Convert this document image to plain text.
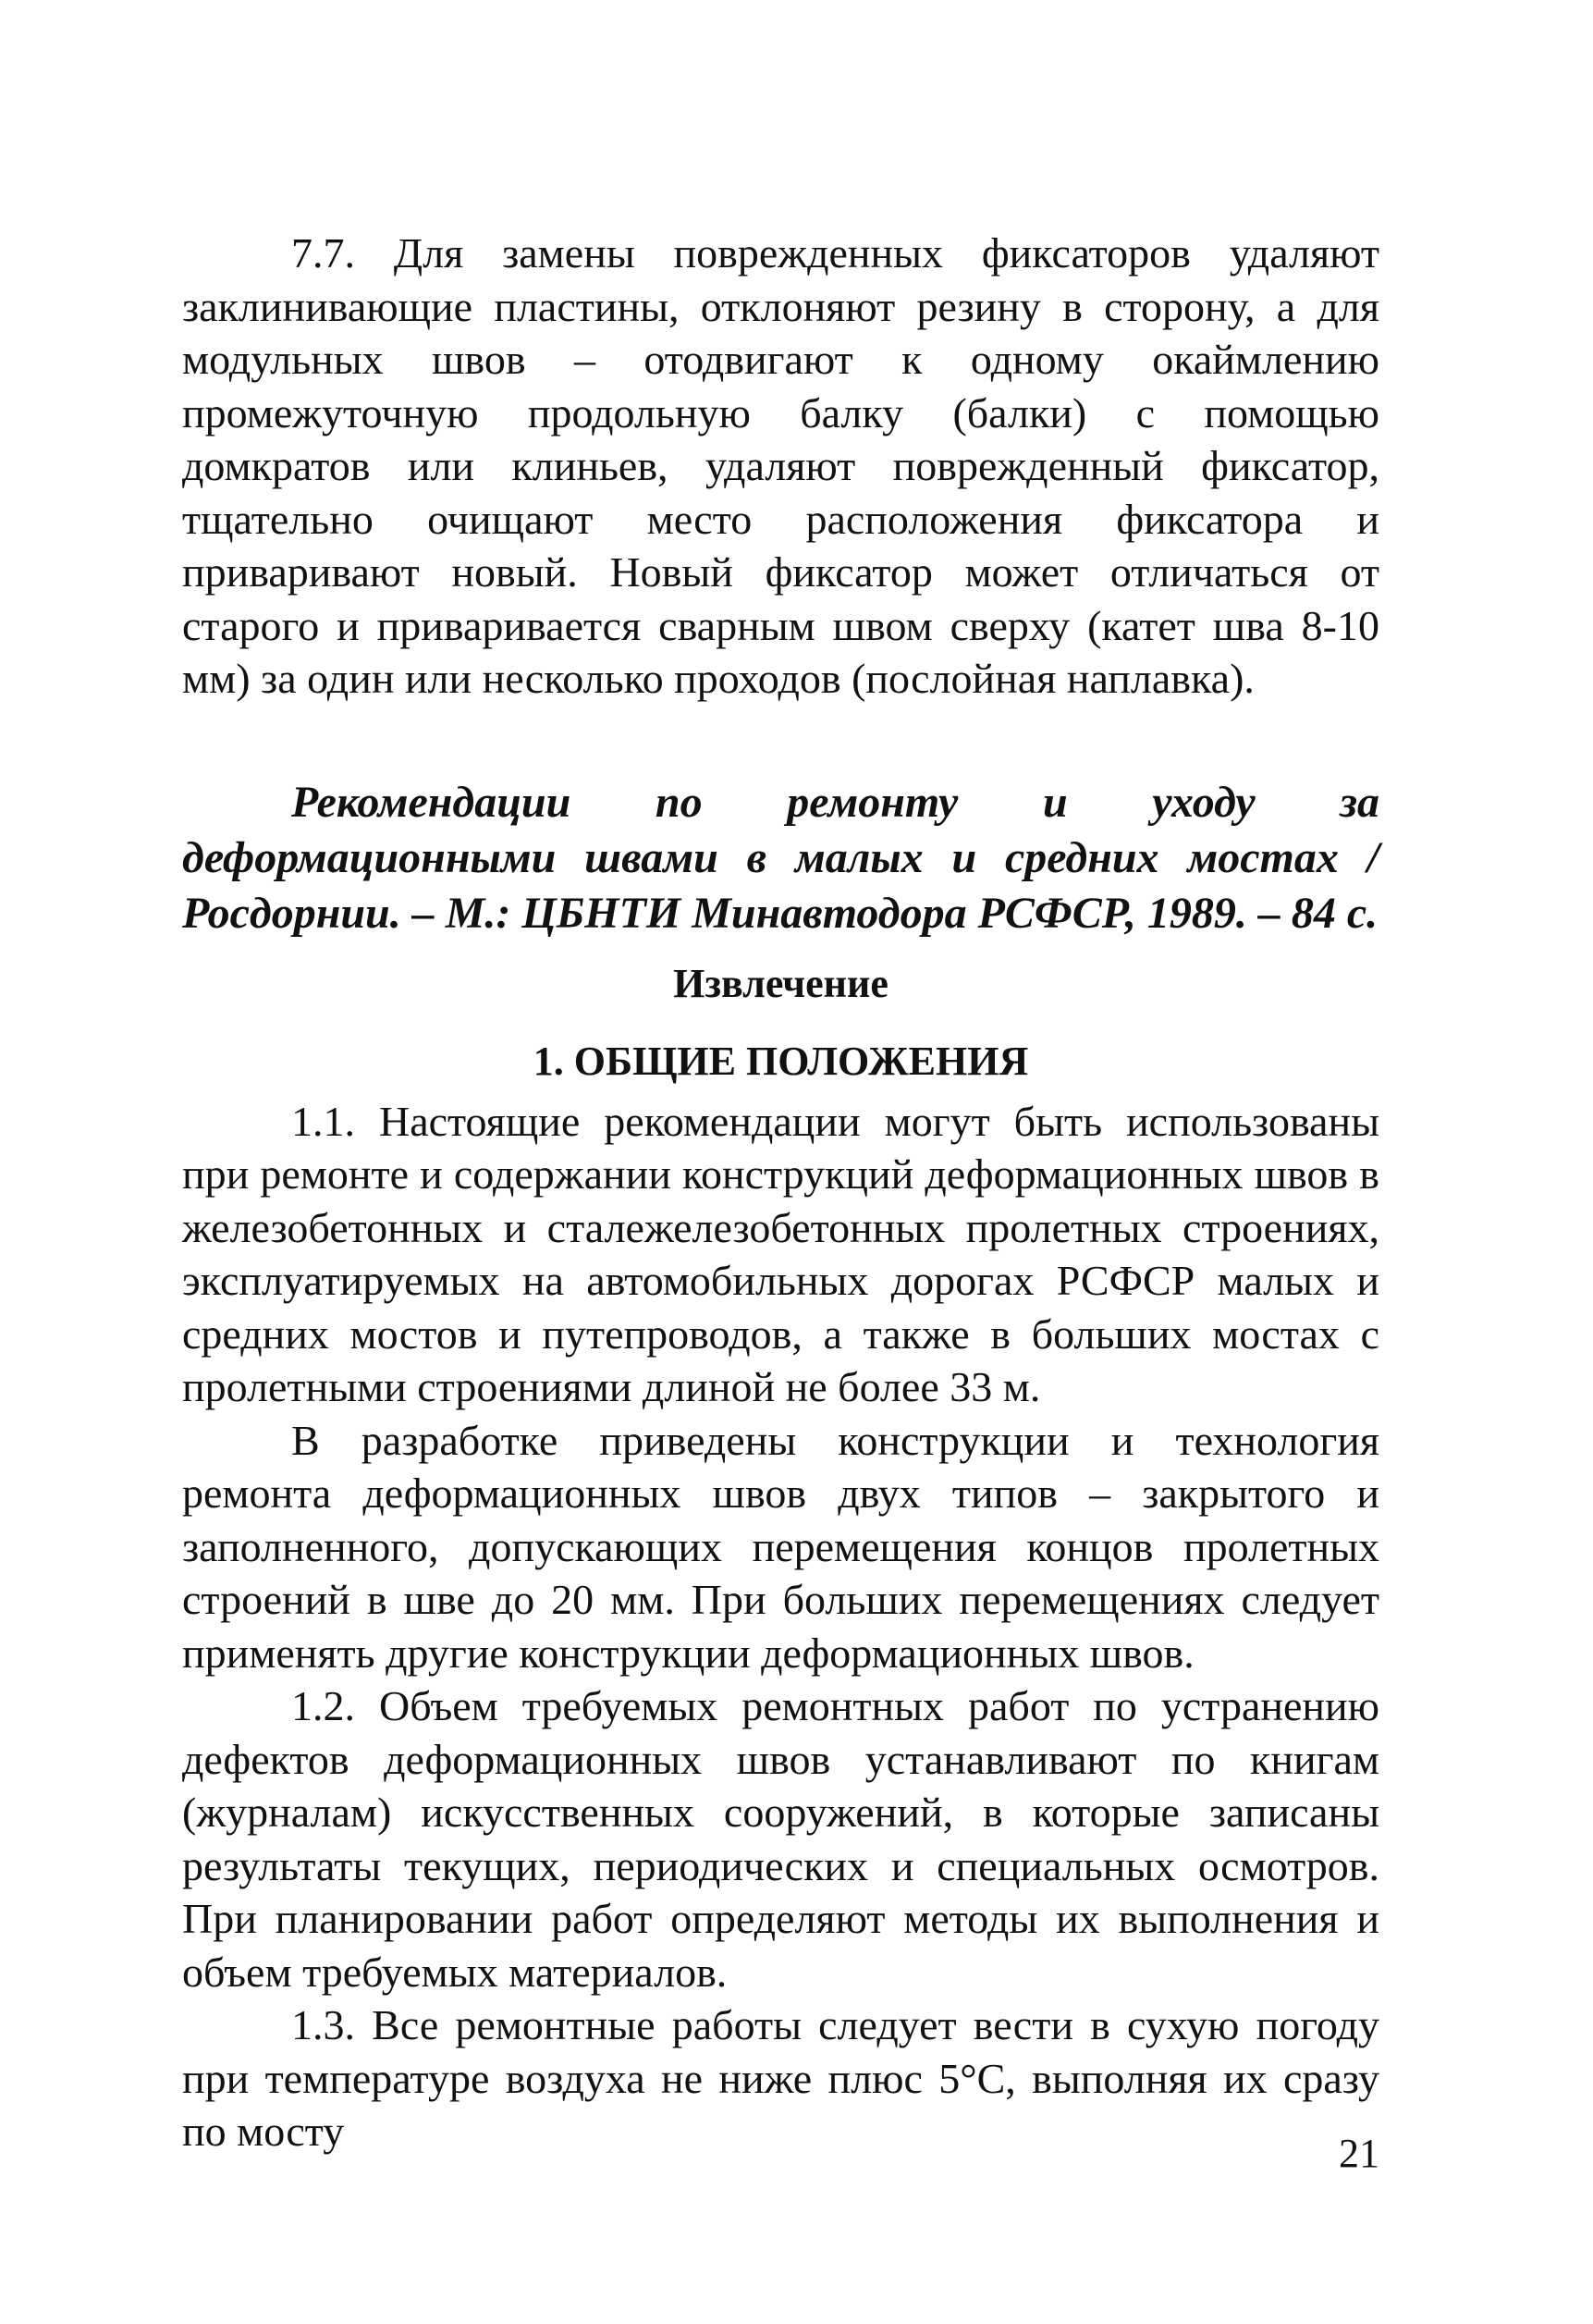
7.7. Для замены поврежденных фиксаторов удаляют заклинивающие пластины, отклоняют резину в сторону, а для модульных швов – отодвигают к одному окаймлению промежуточную продольную балку (балки) с помощью домкратов или клиньев, удаляют поврежденный фиксатор, тщательно очищают место расположения фиксатора и приваривают новый. Новый фиксатор может отличаться от старого и приваривается сварным швом сверху (катет шва 8-10 мм) за один или несколько проходов (послойная наплавка).

Рекомендации по ремонту и уходу за деформационными швами в малых и средних мостах / Росдорнии. – М.: ЦБНТИ Минавтодора РСФСР, 1989. – 84 с.

Извлечение

1. ОБЩИЕ ПОЛОЖЕНИЯ

1.1. Настоящие рекомендации могут быть использованы при ремонте и содержании конструкций деформационных швов в железобетонных и сталежелезобетонных пролетных строениях, эксплуатируемых на автомобильных дорогах РСФСР малых и средних мостов и путепроводов, а также в больших мостах с пролетными строениями длиной не более 33 м.

В разработке приведены конструкции и технология ремонта деформационных швов двух типов – закрытого и заполненного, допускающих перемещения концов пролетных строений в шве до 20 мм. При больших перемещениях следует применять другие конструкции деформационных швов.

1.2. Объем требуемых ремонтных работ по устранению дефектов деформационных швов устанавливают по книгам (журналам) искусственных сооружений, в которые записаны результаты текущих, периодических и специальных осмотров. При планировании работ определяют методы их выполнения и объем требуемых материалов.

1.3. Все ремонтные работы следует вести в сухую погоду при температуре воздуха не ниже плюс 5°С, выполняя их сразу по мосту	21
